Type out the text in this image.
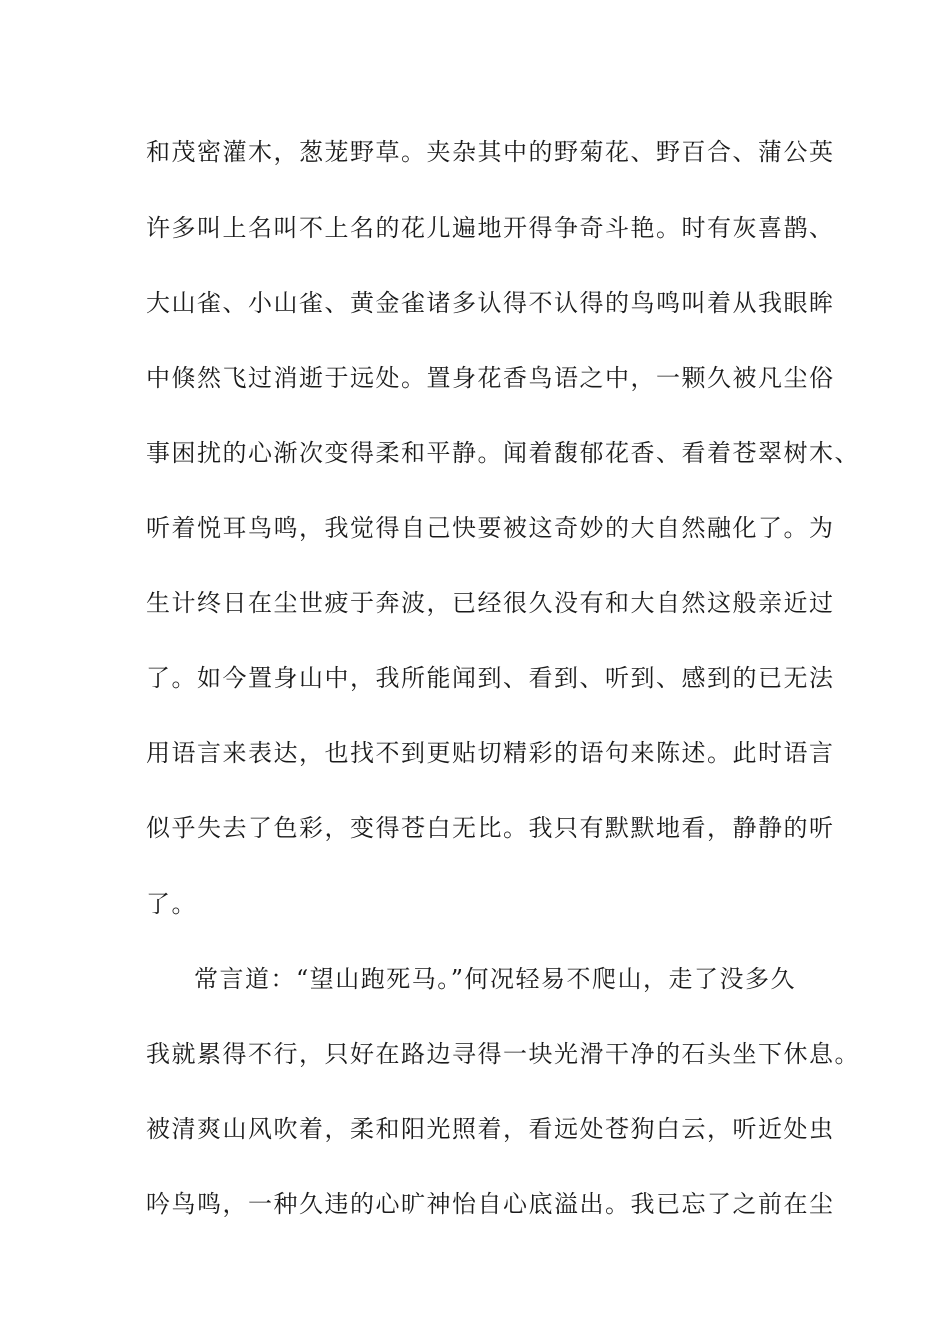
和茂密灌木，葱茏野草。夹杂其中的野菊花、野百合、蒲公英
许多叫上名叫不上名的花儿遍地开得争奇斗艳。时有灰喜鹊、
大山雀、小山雀、黄金雀诸多认得不认得的鸟鸣叫着从我眼眸
中倏然飞过消逝于远处。置身花香鸟语之中，一颗久被凡尘俗
事困扰的心渐次变得柔和平静。闻着馥郁花香、看着苍翠树木、
听着悦耳鸟鸣，我觉得自己快要被这奇妙的大自然融化了。为
生计终日在尘世疲于奔波，已经很久没有和大自然这般亲近过
了。如今置身山中，我所能闻到、看到、听到、感到的已无法
用语言来表达，也找不到更贴切精彩的语句来陈述。此时语言
似乎失去了色彩，变得苍白无比。我只有默默地看，静静的听
了。
常言道：“望山跑死马。”何况轻易不爬山，走了没多久
我就累得不行，只好在路边寻得一块光滑干净的石头坐下休息。
被清爽山风吹着，柔和阳光照着，看远处苍狗白云，听近处虫
吟鸟鸣，一种久违的心旷神怡自心底溢出。我已忘了之前在尘
